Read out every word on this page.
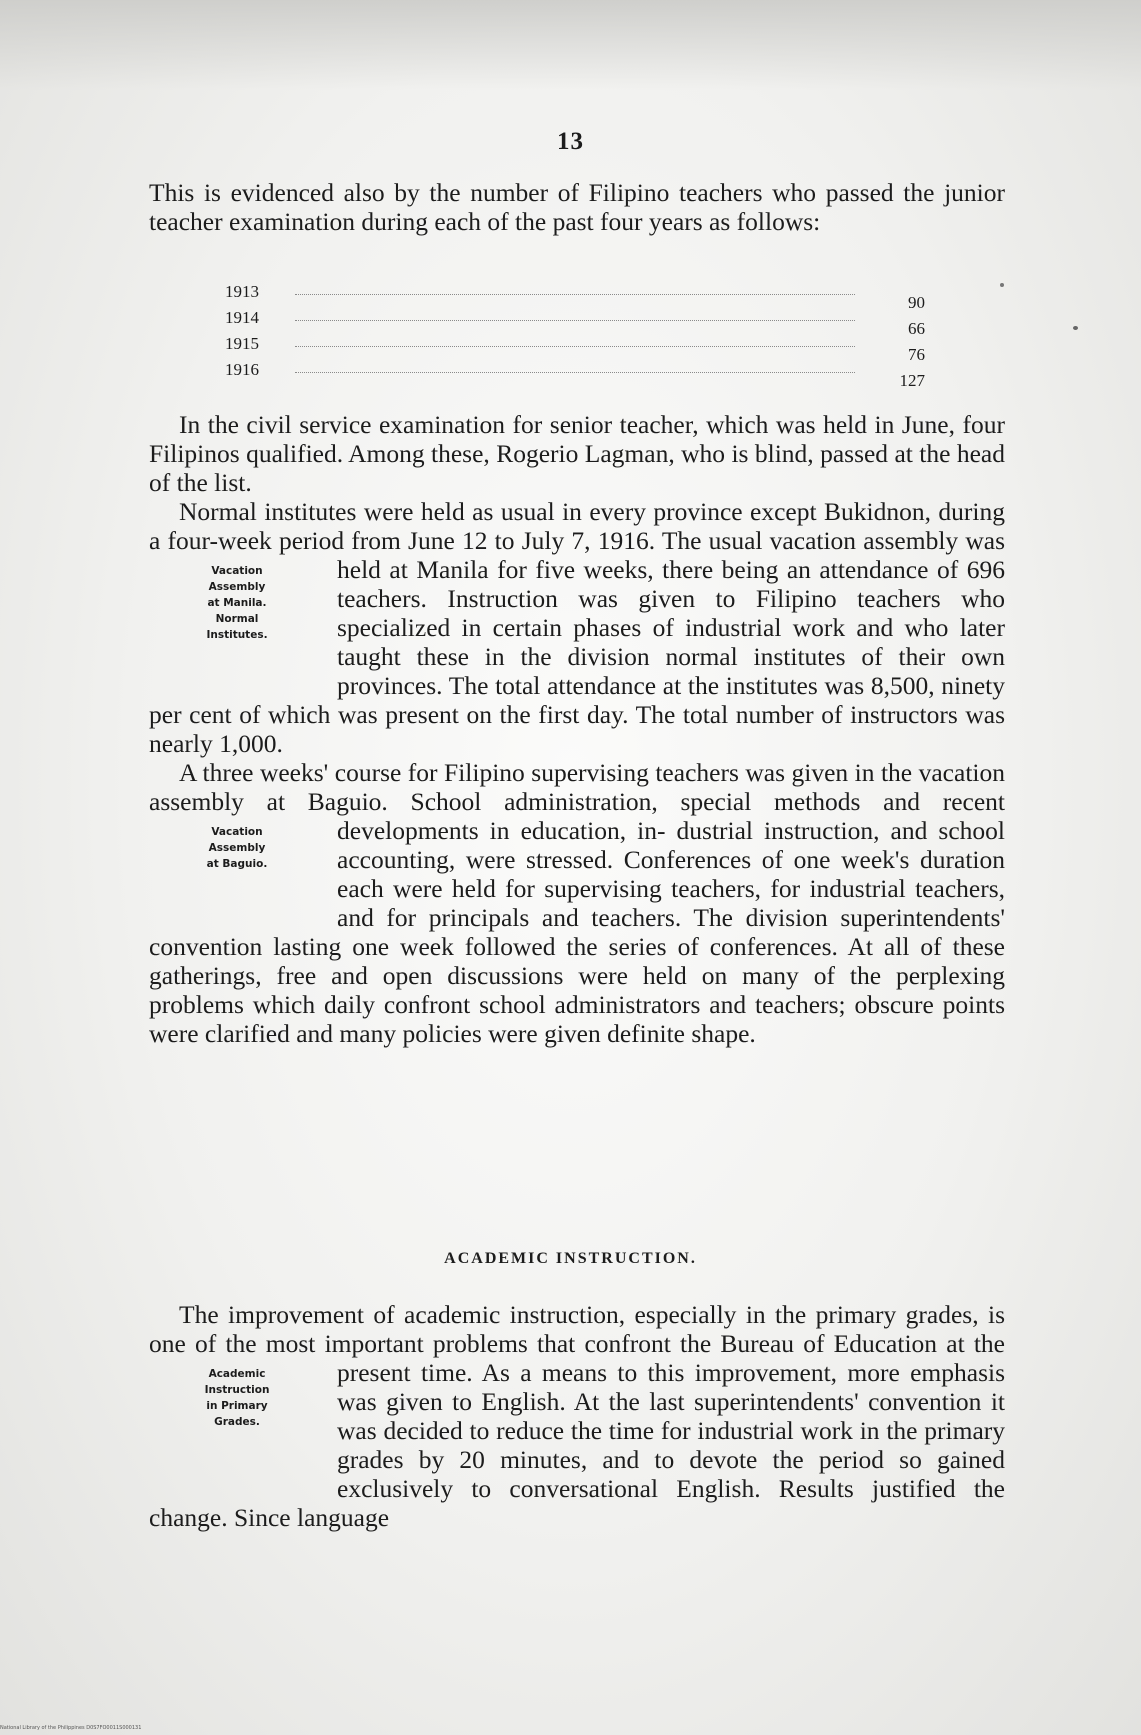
13

This is evidenced also by the number of Filipino teachers who passed the junior teacher examination during each of the past four years as follows:

1913
90
1914
66
1915
76
1916
127

In the civil service examination for senior teacher, which was held in June, four Filipinos qualified. Among these, Rogerio Lagman, who is blind, passed at the head of the list.

Normal institutes were held as usual in every province except Bukidnon, during a four-week period from June 12 to July 7, 1916. The usual vacation assembly was held at Manila for five
Vacation
Assembly
at Manila.
Normal
Institutes.
weeks, there being an attendance of 696 teachers. Instruction was given to Filipino teachers who specialized in certain phases of industrial work and who later taught these in the division normal institutes of their own provinces. The total attendance at the institutes was 8,500, ninety per cent of which was present on the first day. The total number of instructors was nearly 1,000.

A three weeks' course for Filipino supervising teachers was given in the vacation assembly at Baguio. School administration, special methods and recent developments in education, in-
Vacation
Assembly
at Baguio.
dustrial instruction, and school accounting, were stressed. Conferences of one week's duration each were held for supervising teachers, for industrial teachers, and for principals and teachers. The division superintendents' convention lasting one week followed the series of conferences. At all of these gatherings, free and open discussions were held on many of the perplexing problems which daily confront school administrators and teachers; obscure points were clarified and many policies were given definite shape.

ACADEMIC INSTRUCTION.

The improvement of academic instruction, especially in the primary grades, is one of the most important problems that confront the Bureau of Education at the present time. As a
Academic
Instruction
in Primary
Grades.
means to this improvement, more emphasis was given to English. At the last superintendents' convention it was decided to reduce the time for industrial work in the primary grades by 20 minutes, and to devote the period so gained exclusively to conversational English. Results justified the change. Since language

National Library of the Philippines D0S7FO0011S000131
